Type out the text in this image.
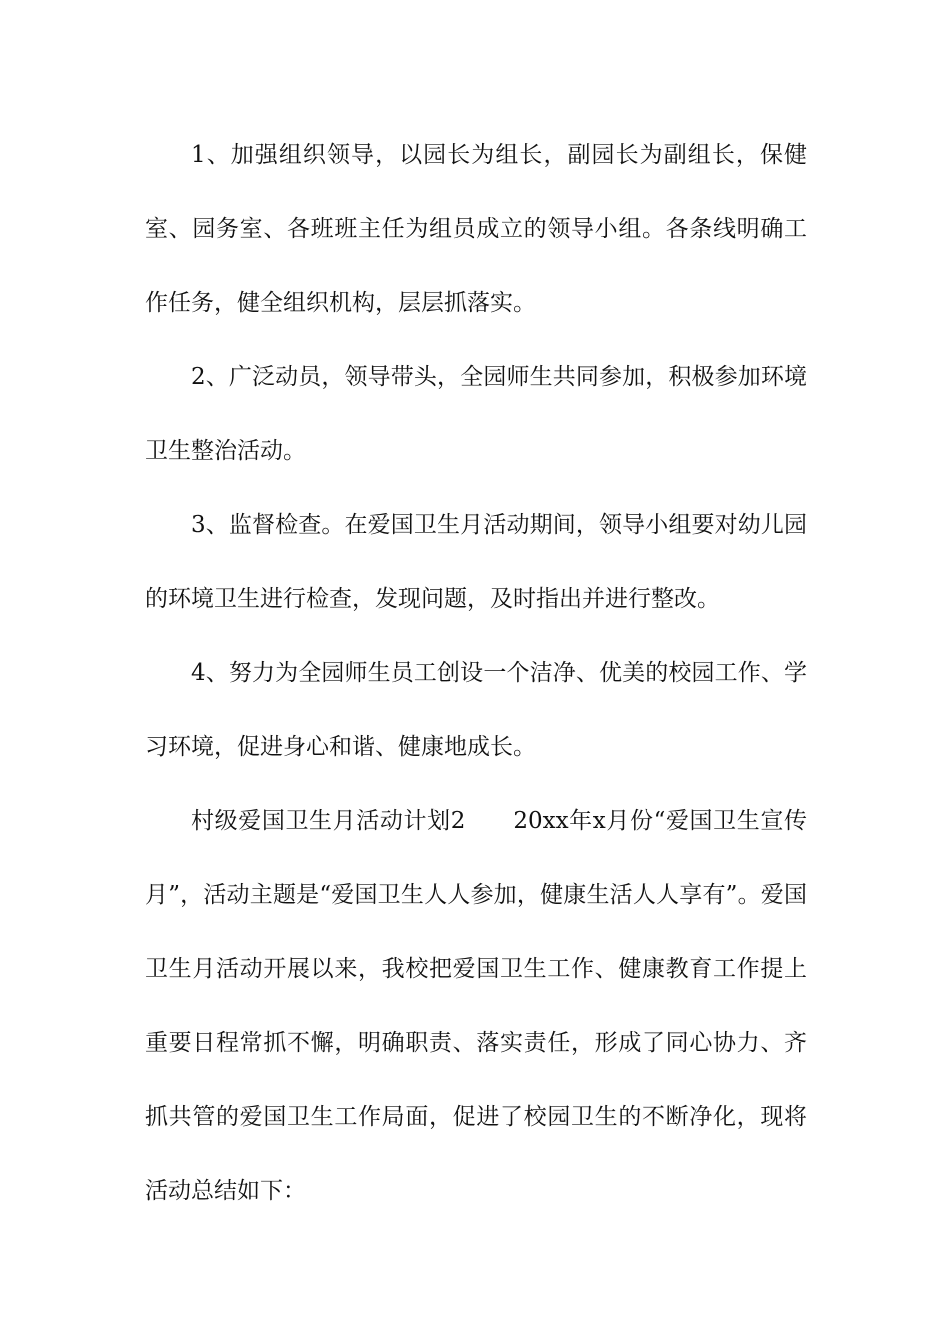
1、加强组织领导，以园长为组长，副园长为副组长，保健室、园务室、各班班主任为组员成立的领导小组。各条线明确工作任务，健全组织机构，层层抓落实。

2、广泛动员，领导带头，全园师生共同参加，积极参加环境卫生整治活动。

3、监督检查。在爱国卫生月活动期间，领导小组要对幼儿园的环境卫生进行检查，发现问题，及时指出并进行整改。

4、努力为全园师生员工创设一个洁净、优美的校园工作、学习环境，促进身心和谐、健康地成长。

村级爱国卫生月活动计划2 20xx年x月份“爱国卫生宣传月”，活动主题是“爱国卫生人人参加，健康生活人人享有”。爱国卫生月活动开展以来，我校把爱国卫生工作、健康教育工作提上重要日程常抓不懈，明确职责、落实责任，形成了同心协力、齐抓共管的爱国卫生工作局面，促进了校园卫生的不断净化，现将活动总结如下：
